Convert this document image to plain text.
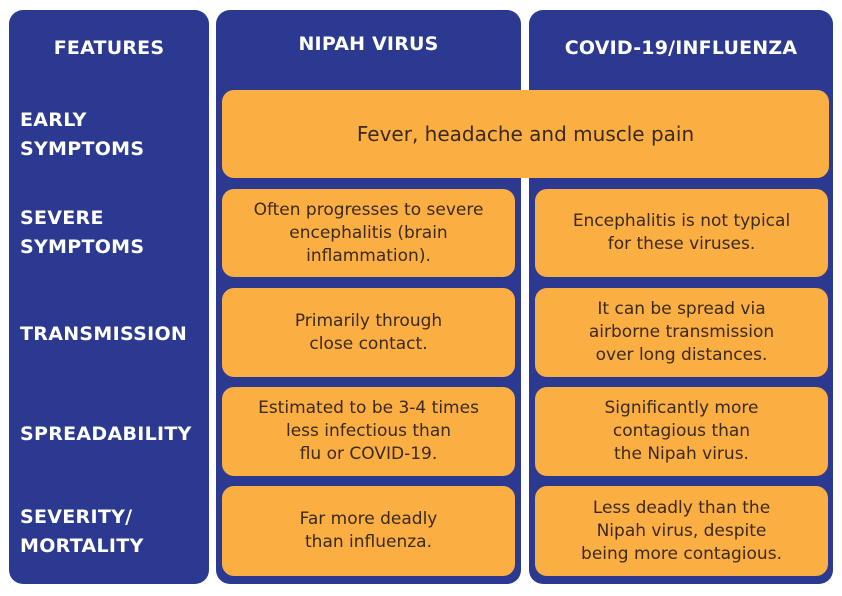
FEATURES	NIPAH VIRUS	COVID-19/INFLUENZA
EARLY
SYMPTOMS
SEVERE
SYMPTOMS
TRANSMISSION
SPREADABILITY
SEVERITY/
MORTALITY
Fever, headache and muscle pain
Often progresses to severe
encephalitis (brain
inflammation).
Primarily through
close contact.
Estimated to be 3-4 times
less infectious than
flu or COVID-19.
Far more deadly
than influenza.
Encephalitis is not typical
for these viruses.
It can be spread via
airborne transmission
over long distances.
Significantly more
contagious than
the Nipah virus.
Less deadly than the
Nipah virus, despite
being more contagious.
